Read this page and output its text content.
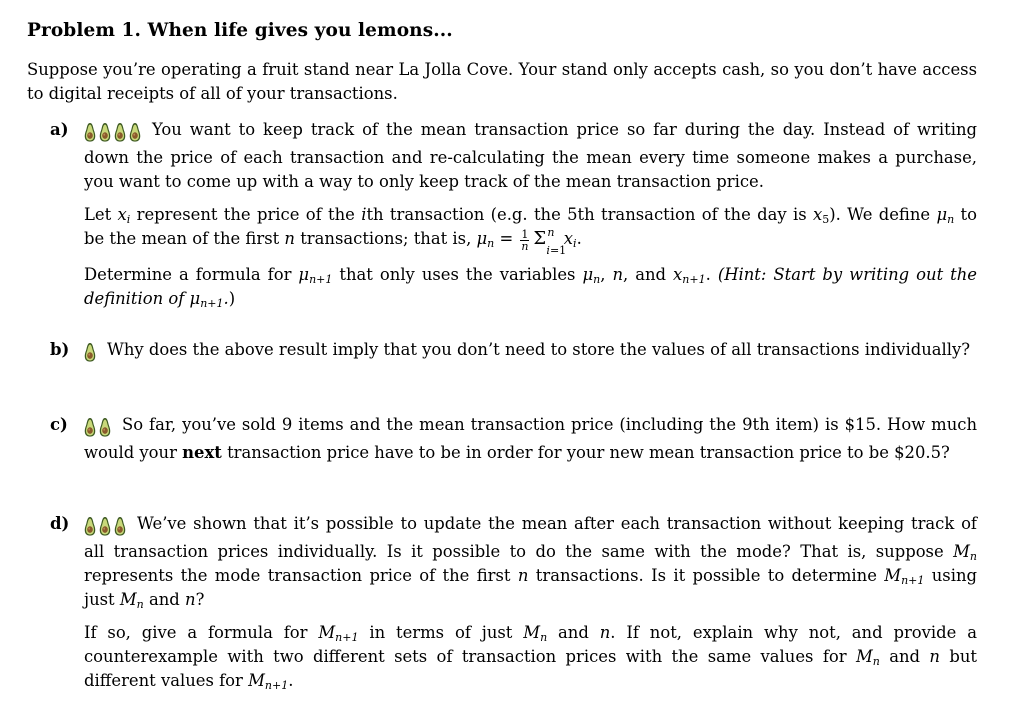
Problem 1. When life gives you lemons...
Suppose you’re operating a fruit stand near La Jolla Cove. Your stand only accepts cash, so you don’t have access to digital receipts of all of your transactions.
a)	You want to keep track of the mean transaction price so far during the day. Instead of writing down the price of each transaction and re-calculating the mean every time someone makes a purchase, you want to come up with a way to only keep track of the mean transaction price.
Let $x_i$ represent the price of the ith transaction (e.g. the 5th transaction of the day is $x_5$). We define $\mu_n$ to be the mean of the first n transactions; that is, $\mu_n = \frac{1}{n}$ Σ n
i=1
$x_i$.
Determine a formula for $\mu_{n+1}$ that only uses the variables $\mu_n$, n, and $x_{n+1}$. (Hint: Start by writing out the definition of $\mu_{n+1}$.)
b)	Why does the above result imply that you don’t need to store the values of all transactions individually?
c)	So far, you’ve sold 9 items and the mean transaction price (including the 9th item) is $15. How much would your next transaction price have to be in order for your new mean transaction price to be $20.5?
d)	We’ve shown that it’s possible to update the mean after each transaction without keeping track of all transaction prices individually. Is it possible to do the same with the mode? That is, suppose $M_n$ represents the mode transaction price of the first n transactions. Is it possible to determine $M_{n+1}$ using just $M_n$ and n?
If so, give a formula for $M_{n+1}$ in terms of just $M_n$ and n. If not, explain why not, and provide a counterexample with two different sets of transaction prices with the same values for $M_n$ and n but different values for $M_{n+1}$.
